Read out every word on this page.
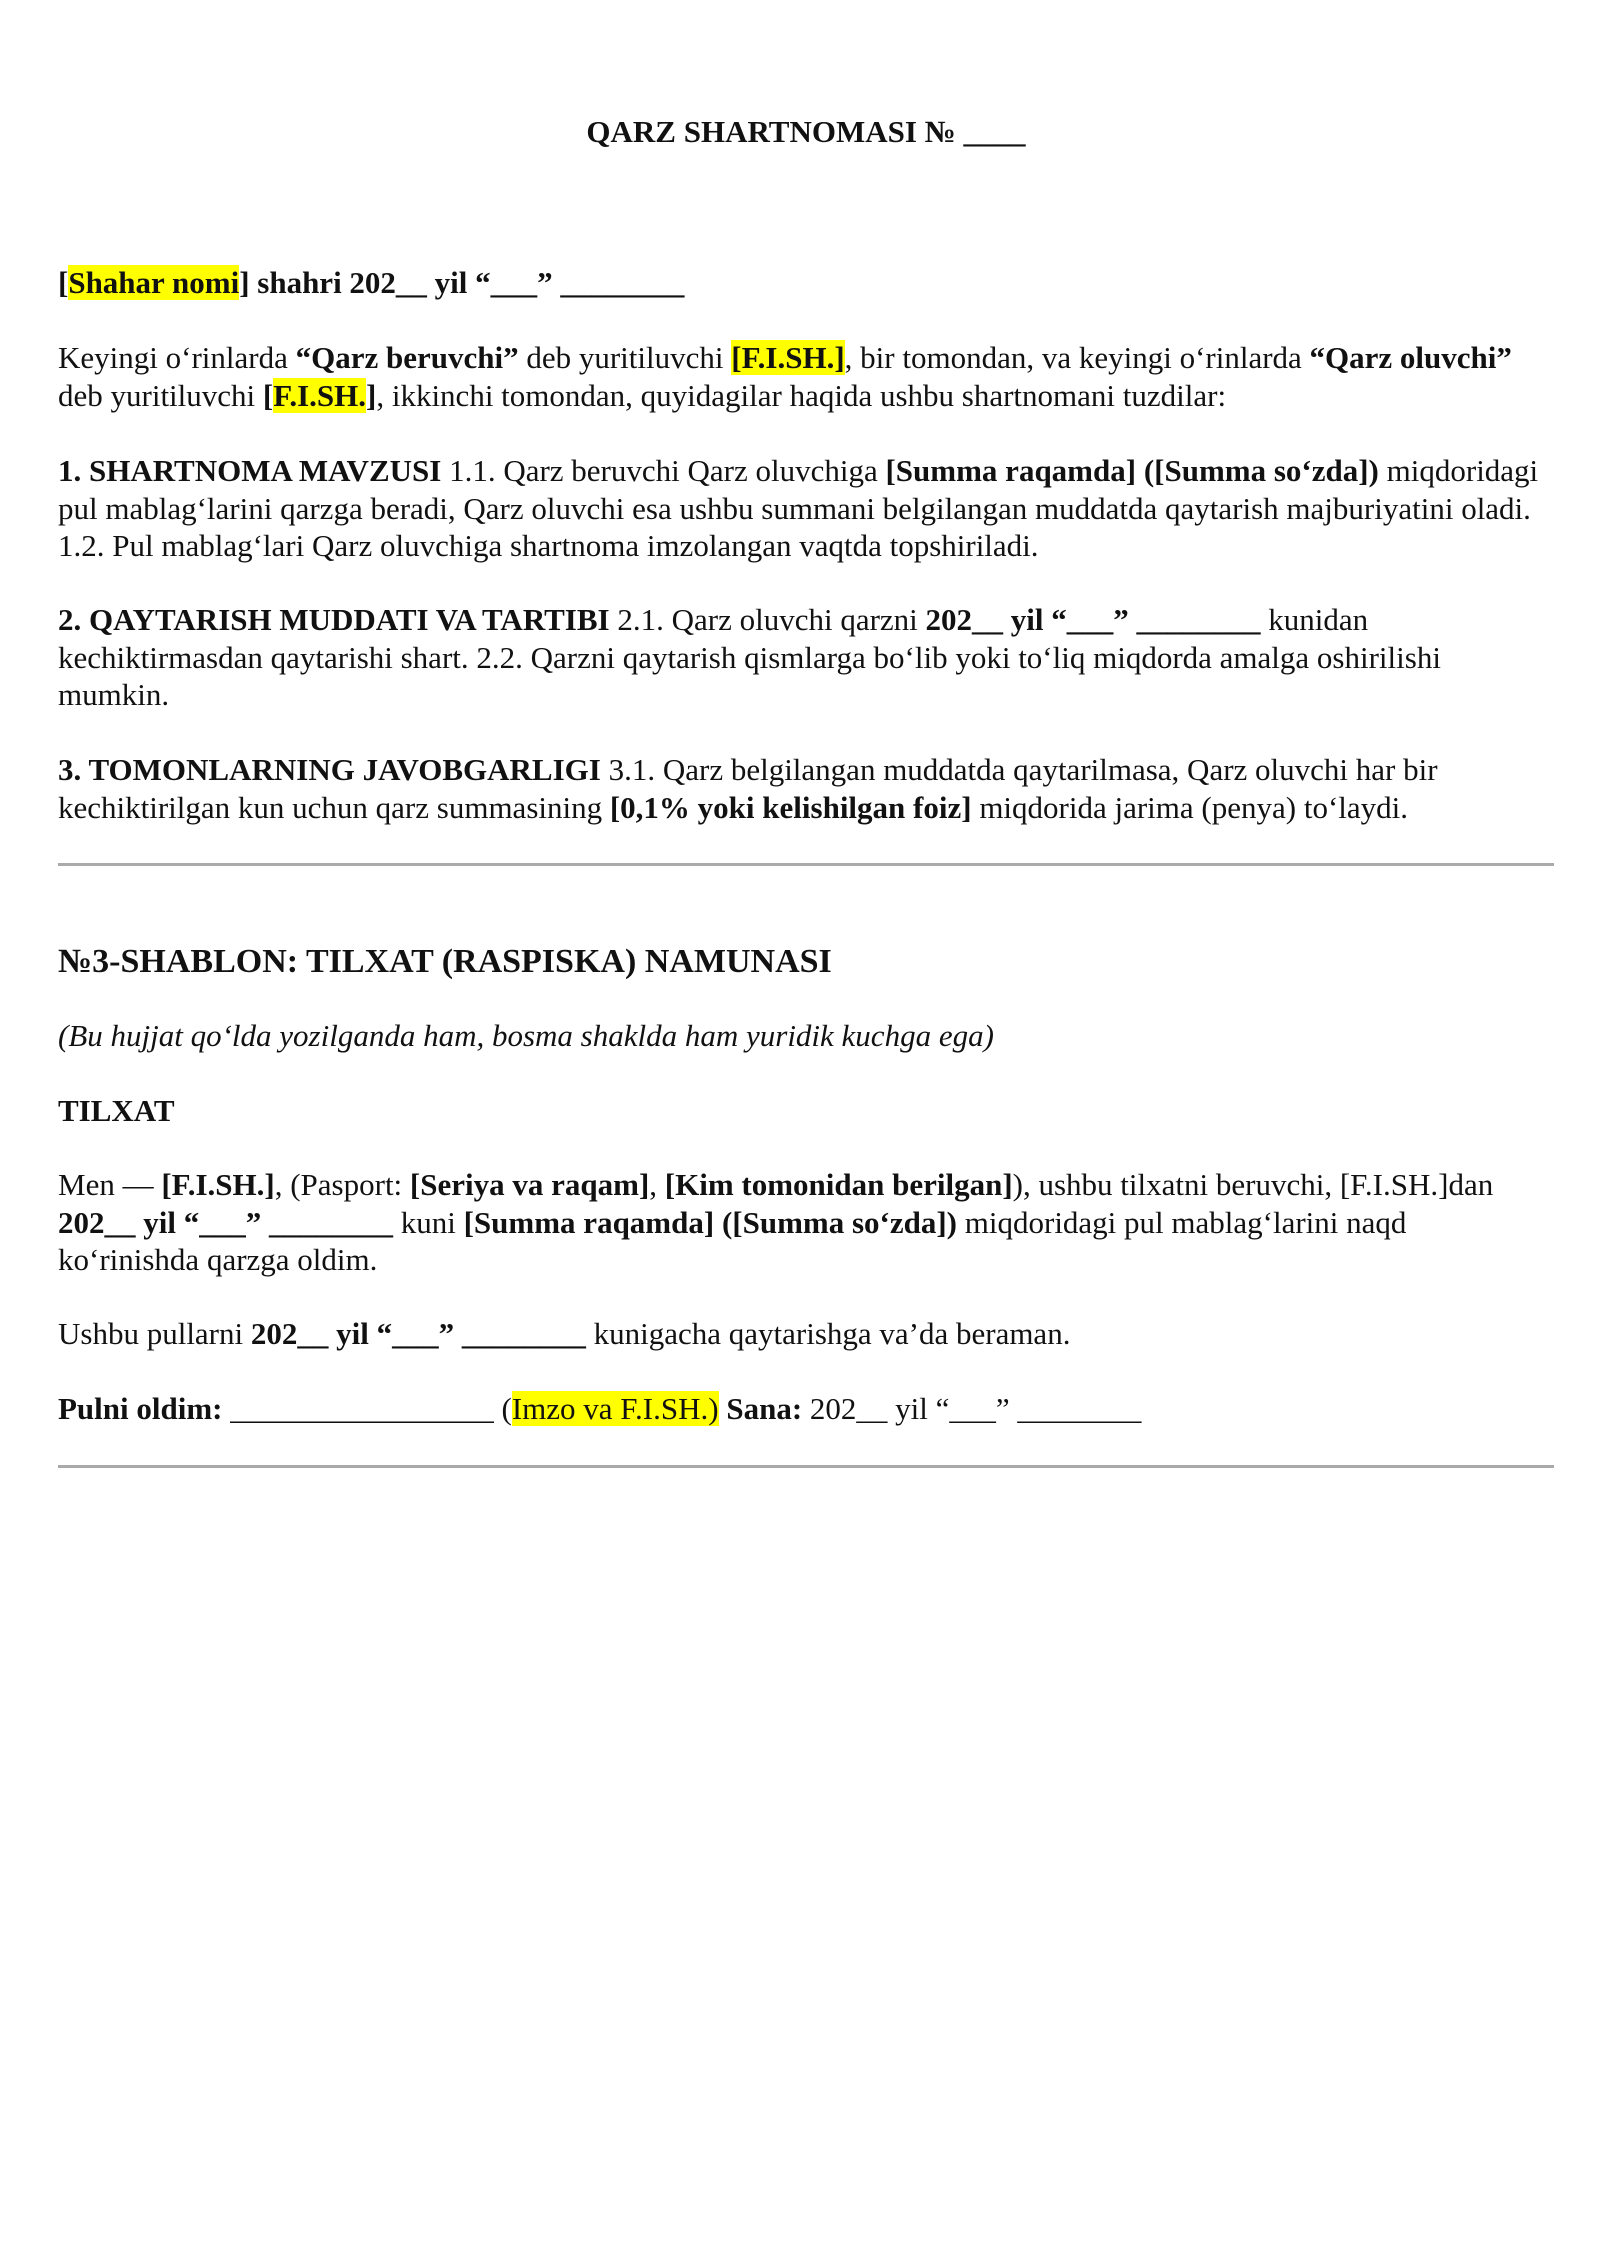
QARZ SHARTNOMASI № ____

[Shahar nomi] shahri 202__ yil “___” ________

Keyingi o‘rinlarda “Qarz beruvchi” deb yuritiluvchi [F.I.SH.], bir tomondan, va keyingi o‘rinlarda “Qarz oluvchi” deb yuritiluvchi [F.I.SH.], ikkinchi tomondan, quyidagilar haqida ushbu shartnomani tuzdilar:

1. SHARTNOMA MAVZUSI 1.1. Qarz beruvchi Qarz oluvchiga [Summa raqamda] ([Summa so‘zda]) miqdoridagi pul mablag‘larini qarzga beradi, Qarz oluvchi esa ushbu summani belgilangan muddatda qaytarish majburiyatini oladi. 1.2. Pul mablag‘lari Qarz oluvchiga shartnoma imzolangan vaqtda topshiriladi.

2. QAYTARISH MUDDATI VA TARTIBI 2.1. Qarz oluvchi qarzni 202__ yil “___” ________ kunidan kechiktirmasdan qaytarishi shart. 2.2. Qarzni qaytarish qismlarga bo‘lib yoki to‘liq miqdorda amalga oshirilishi mumkin.

3. TOMONLARNING JAVOBGARLIGI 3.1. Qarz belgilangan muddatda qaytarilmasa, Qarz oluvchi har bir kechiktirilgan kun uchun qarz summasining [0,1% yoki kelishilgan foiz] miqdorida jarima (penya) to‘laydi.

№3-SHABLON: TILXAT (RASPISKA) NAMUNASI

(Bu hujjat qo‘lda yozilganda ham, bosma shaklda ham yuridik kuchga ega)

TILXAT

Men — [F.I.SH.], (Pasport: [Seriya va raqam], [Kim tomonidan berilgan]), ushbu tilxatni beruvchi, [F.I.SH.]dan 202__ yil “___” ________ kuni [Summa raqamda] ([Summa so‘zda]) miqdoridagi pul mablag‘larini naqd ko‘rinishda qarzga oldim.

Ushbu pullarni 202__ yil “___” ________ kunigacha qaytarishga va’da beraman.

Pulni oldim: _________________ (Imzo va F.I.SH.) Sana: 202__ yil “___” ________
